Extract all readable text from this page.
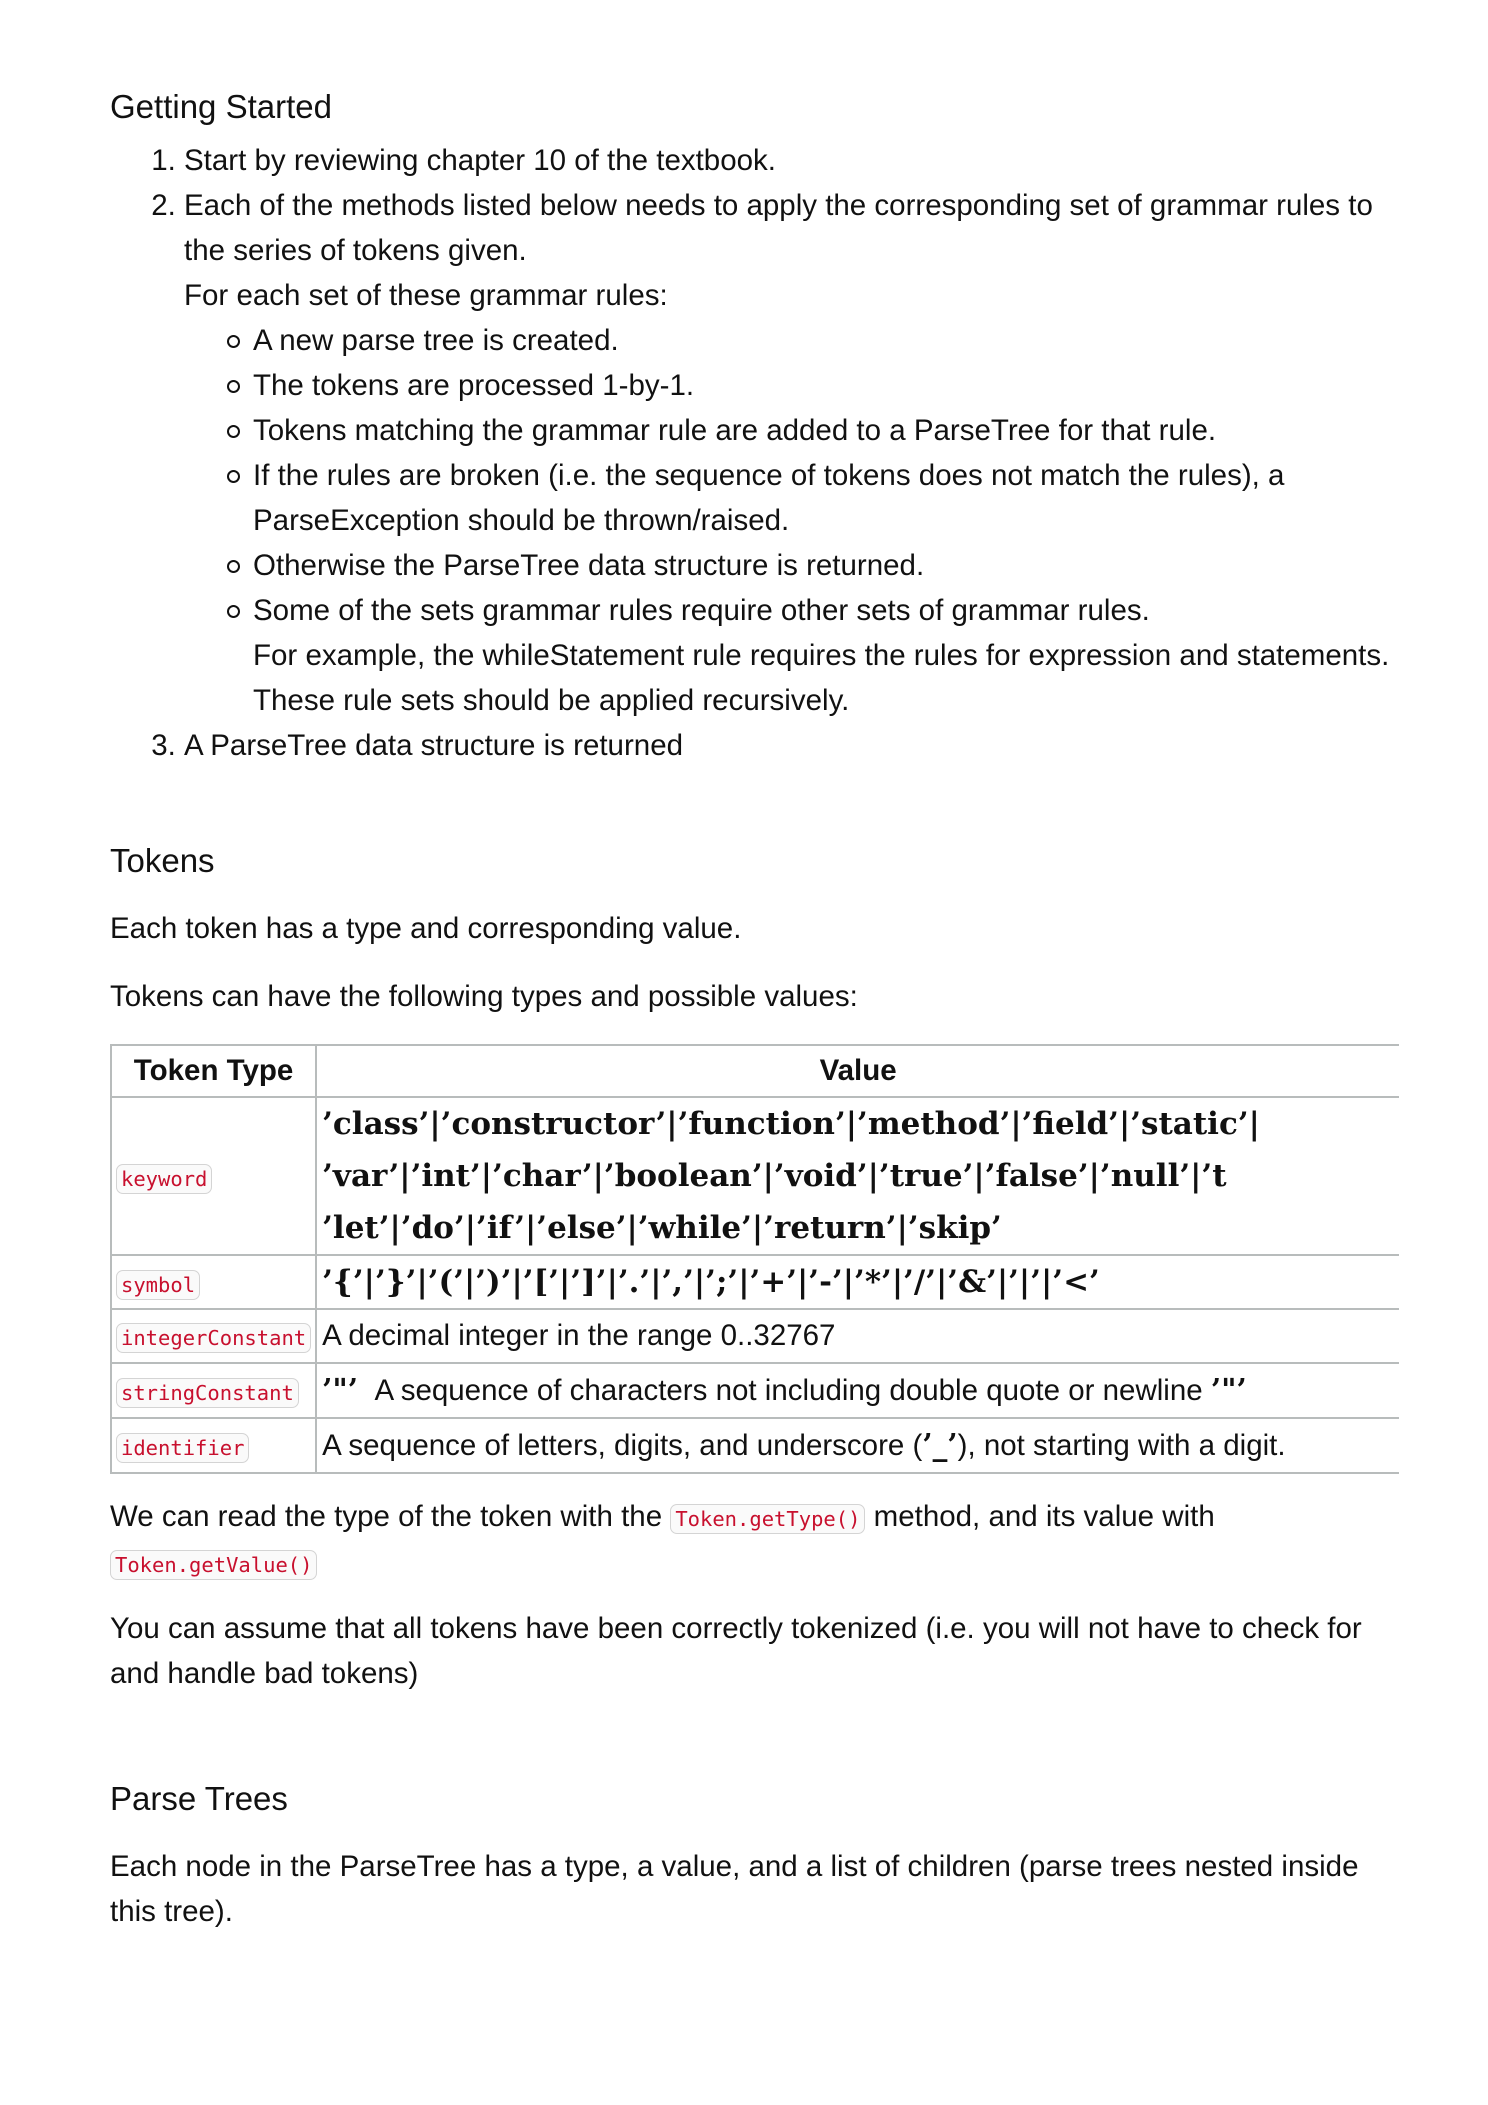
Getting Started
1. Start by reviewing chapter 10 of the textbook.
2. Each of the methods listed below needs to apply the corresponding set of grammar rules to the series of tokens given.
For each set of these grammar rules:
A new parse tree is created.
The tokens are processed 1-by-1.
Tokens matching the grammar rule are added to a ParseTree for that rule.
If the rules are broken (i.e. the sequence of tokens does not match the rules), a ParseException should be thrown/raised.
Otherwise the ParseTree data structure is returned.
Some of the sets grammar rules require other sets of grammar rules.
For example, the whileStatement rule requires the rules for expression and statements.
These rule sets should be applied recursively.
3. A ParseTree data structure is returned
Tokens

Each token has a type and corresponding value.

Tokens can have the following types and possible values:

Token Type	Value
keyword	’class’|’constructor’|’function’|’method’|’field’|’static’|
’var’|’int’|’char’|’boolean’|’void’|’true’|’false’|’null’|’t
’let’|’do’|’if’|’else’|’while’|’return’|’skip’

symbol	’{’|’}’|’(’|’)’|’[’|’]’|’.’|’,’|’;’|’+’|’-’|’*’|’/’|’&’|’|’|’<’

integerConstant	A decimal integer in the range 0..32767
stringConstant	’"’ A sequence of characters not including double quote or newline ’"’
identifier	A sequence of letters, digits, and underscore (’_’), not starting with a digit.

We can read the type of the token with the Token.getType() method, and its value with
Token.getValue()

You can assume that all tokens have been correctly tokenized (i.e. you will not have to check for and handle bad tokens)

Parse Trees

Each node in the ParseTree has a type, a value, and a list of children (parse trees nested inside this tree).
